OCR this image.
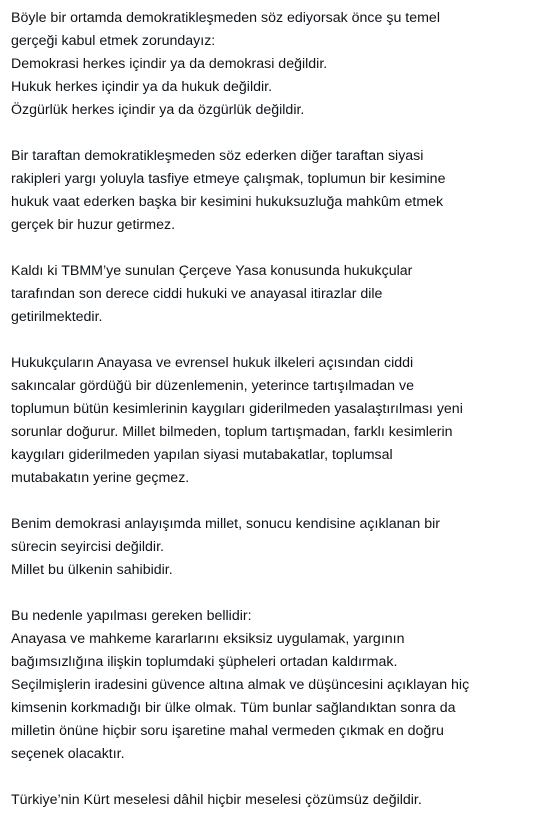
Böyle bir ortamda demokratikleşmeden söz ediyorsak önce şu temel
gerçeği kabul etmek zorundayız:
Demokrasi herkes içindir ya da demokrasi değildir.
Hukuk herkes içindir ya da hukuk değildir.
Özgürlük herkes içindir ya da özgürlük değildir.
Bir taraftan demokratikleşmeden söz ederken diğer taraftan siyasi
rakipleri yargı yoluyla tasfiye etmeye çalışmak, toplumun bir kesimine
hukuk vaat ederken başka bir kesimini hukuksuzluğa mahkûm etmek
gerçek bir huzur getirmez.
Kaldı ki TBMM’ye sunulan Çerçeve Yasa konusunda hukukçular
tarafından son derece ciddi hukuki ve anayasal itirazlar dile
getirilmektedir.
Hukukçuların Anayasa ve evrensel hukuk ilkeleri açısından ciddi
sakıncalar gördüğü bir düzenlemenin, yeterince tartışılmadan ve
toplumun bütün kesimlerinin kaygıları giderilmeden yasalaştırılması yeni
sorunlar doğurur. Millet bilmeden, toplum tartışmadan, farklı kesimlerin
kaygıları giderilmeden yapılan siyasi mutabakatlar, toplumsal
mutabakatın yerine geçmez.
Benim demokrasi anlayışımda millet, sonucu kendisine açıklanan bir
sürecin seyircisi değildir.
Millet bu ülkenin sahibidir.
Bu nedenle yapılması gereken bellidir:
Anayasa ve mahkeme kararlarını eksiksiz uygulamak, yargının
bağımsızlığına ilişkin toplumdaki şüpheleri ortadan kaldırmak.
Seçilmişlerin iradesini güvence altına almak ve düşüncesini açıklayan hiç
kimsenin korkmadığı bir ülke olmak. Tüm bunlar sağlandıktan sonra da
milletin önüne hiçbir soru işaretine mahal vermeden çıkmak en doğru
seçenek olacaktır.
Türkiye’nin Kürt meselesi dâhil hiçbir meselesi çözümsüz değildir.
